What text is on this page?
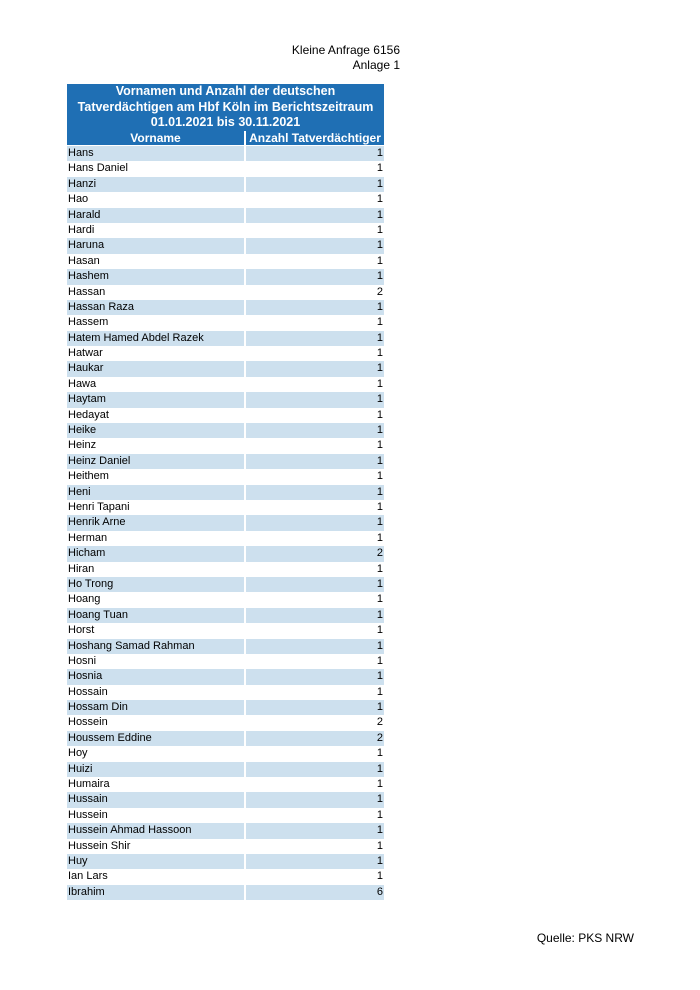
Kleine Anfrage 6156
Anlage 1
Vornamen und Anzahl der deutschen
Tatverdächtigen am Hbf Köln im Berichtszeitraum
01.01.2021 bis 30.11.2021
Vorname	Anzahl Tatverdächtiger
Hans	1
Hans Daniel	1
Hanzi	1
Hao	1
Harald	1
Hardi	1
Haruna	1
Hasan	1
Hashem	1
Hassan	2
Hassan Raza	1
Hassem	1
Hatem Hamed Abdel Razek	1
Hatwar	1
Haukar	1
Hawa	1
Haytam	1
Hedayat	1
Heike	1
Heinz	1
Heinz Daniel	1
Heithem	1
Heni	1
Henri Tapani	1
Henrik Arne	1
Herman	1
Hicham	2
Hiran	1
Ho Trong	1
Hoang	1
Hoang Tuan	1
Horst	1
Hoshang Samad Rahman	1
Hosni	1
Hosnia	1
Hossain	1
Hossam Din	1
Hossein	2
Houssem Eddine	2
Hoy	1
Huizi	1
Humaira	1
Hussain	1
Hussein	1
Hussein Ahmad Hassoon	1
Hussein Shir	1
Huy	1
Ian Lars	1
Ibrahim	6
Quelle: PKS NRW
